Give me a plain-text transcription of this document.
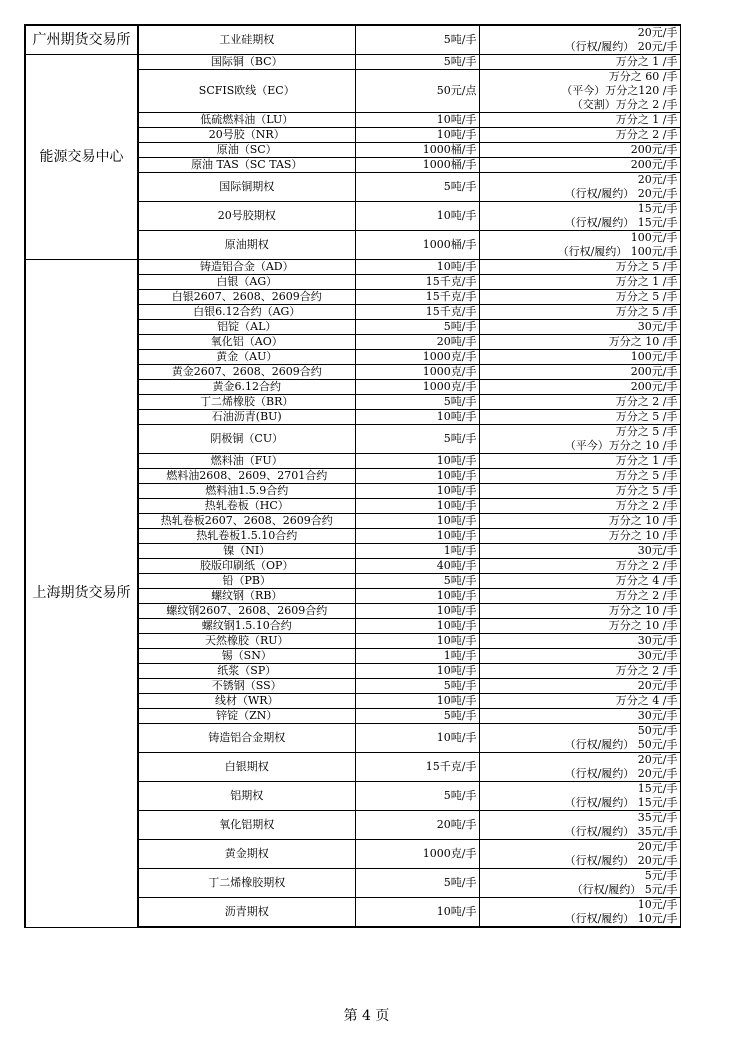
广州期货交易所	工业硅期权	5吨/手	20元/手
（行权/履约） 20元/手
能源交易中心	国际铜（BC）	5吨/手	万分之 1 /手
	SCFIS欧线（EC）	50元/点	万分之 60 /手
（平今）万分之120 /手
（交割）万分之 2 /手
	低硫燃料油（LU）	10吨/手	万分之 1 /手
	20号胶（NR）	10吨/手	万分之 2 /手
	原油（SC）	1000桶/手	200元/手
	原油 TAS（SC TAS）	1000桶/手	200元/手
	国际铜期权	5吨/手	20元/手
（行权/履约） 20元/手
	20号胶期权	10吨/手	15元/手
（行权/履约） 15元/手
	原油期权	1000桶/手	100元/手
（行权/履约） 100元/手
上海期货交易所	铸造铝合金（AD）	10吨/手	万分之 5 /手
	白银（AG）	15千克/手	万分之 1 /手
	白银2607、2608、2609合约	15千克/手	万分之 5 /手
	白银6.12合约（AG）	15千克/手	万分之 5 /手
	铝锭（AL）	5吨/手	30元/手
	氧化铝（AO）	20吨/手	万分之 10 /手
	黄金（AU）	1000克/手	100元/手
	黄金2607、2608、2609合约	1000克/手	200元/手
	黄金6.12合约	1000克/手	200元/手
	丁二烯橡胶（BR）	5吨/手	万分之 2 /手
	石油沥青(BU)	10吨/手	万分之 5 /手
	阴极铜（CU）	5吨/手	万分之 5 /手
（平今）万分之 10 /手
	燃料油（FU）	10吨/手	万分之 1 /手
	燃料油2608、2609、2701合约	10吨/手	万分之 5 /手
	燃料油1.5.9合约	10吨/手	万分之 5 /手
	热轧卷板（HC）	10吨/手	万分之 2 /手
	热轧卷板2607、2608、2609合约	10吨/手	万分之 10 /手
	热轧卷板1.5.10合约	10吨/手	万分之 10 /手
	镍（NI）	1吨/手	30元/手
	胶版印刷纸（OP）	40吨/手	万分之 2 /手
	铅（PB）	5吨/手	万分之 4 /手
	螺纹钢（RB）	10吨/手	万分之 2 /手
	螺纹钢2607、2608、2609合约	10吨/手	万分之 10 /手
	螺纹钢1.5.10合约	10吨/手	万分之 10 /手
	天然橡胶（RU）	10吨/手	30元/手
	锡（SN）	1吨/手	30元/手
	纸浆（SP）	10吨/手	万分之 2 /手
	不锈钢（SS）	5吨/手	20元/手
	线材（WR）	10吨/手	万分之 4 /手
	锌锭（ZN）	5吨/手	30元/手
	铸造铝合金期权	10吨/手	50元/手
（行权/履约） 50元/手
	白银期权	15千克/手	20元/手
（行权/履约） 20元/手
	铝期权	5吨/手	15元/手
（行权/履约） 15元/手
	氧化铝期权	20吨/手	35元/手
（行权/履约） 35元/手
	黄金期权	1000克/手	20元/手
（行权/履约） 20元/手
	丁二烯橡胶期权	5吨/手	5元/手
（行权/履约） 5元/手
	沥青期权	10吨/手	10元/手
（行权/履约） 10元/手
第 4 页
